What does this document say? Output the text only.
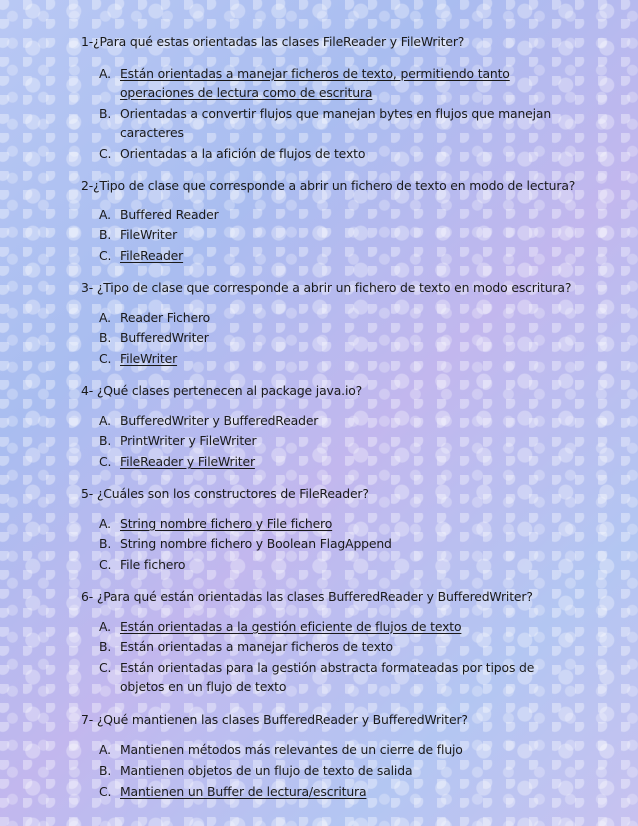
1-¿Para qué estas orientadas las clases FileReader y FileWriter?
A. Están orientadas a manejar ficheros de texto, permitiendo tanto operaciones de lectura como de escritura
B. Orientadas a convertir flujos que manejan bytes en flujos que manejan caracteres
C. Orientadas a la afición de flujos de texto
2-¿Tipo de clase que corresponde a abrir un fichero de texto en modo de lectura?
A. Buffered Reader
B. FileWriter
C. FileReader
3- ¿Tipo de clase que corresponde a abrir un fichero de texto en modo escritura?
A. Reader Fichero
B. BufferedWriter
C. FileWriter
4- ¿Qué clases pertenecen al package java.io?
A. BufferedWriter y BufferedReader
B. PrintWriter y FileWriter
C. FileReader y FileWriter
5- ¿Cuáles son los constructores de FileReader?
A. String nombre fichero y File fichero
B. String nombre fichero y Boolean FlagAppend
C. File fichero
6- ¿Para qué están orientadas las clases BufferedReader y BufferedWriter?
A. Están orientadas a la gestión eficiente de flujos de texto
B. Están orientadas a manejar ficheros de texto
C. Están orientadas para la gestión abstracta formateadas por tipos de objetos en un flujo de texto
7- ¿Qué mantienen las clases BufferedReader y BufferedWriter?
A. Mantienen métodos más relevantes de un cierre de flujo
B. Mantienen objetos de un flujo de texto de salida
C. Mantienen un Buffer de lectura/escritura
